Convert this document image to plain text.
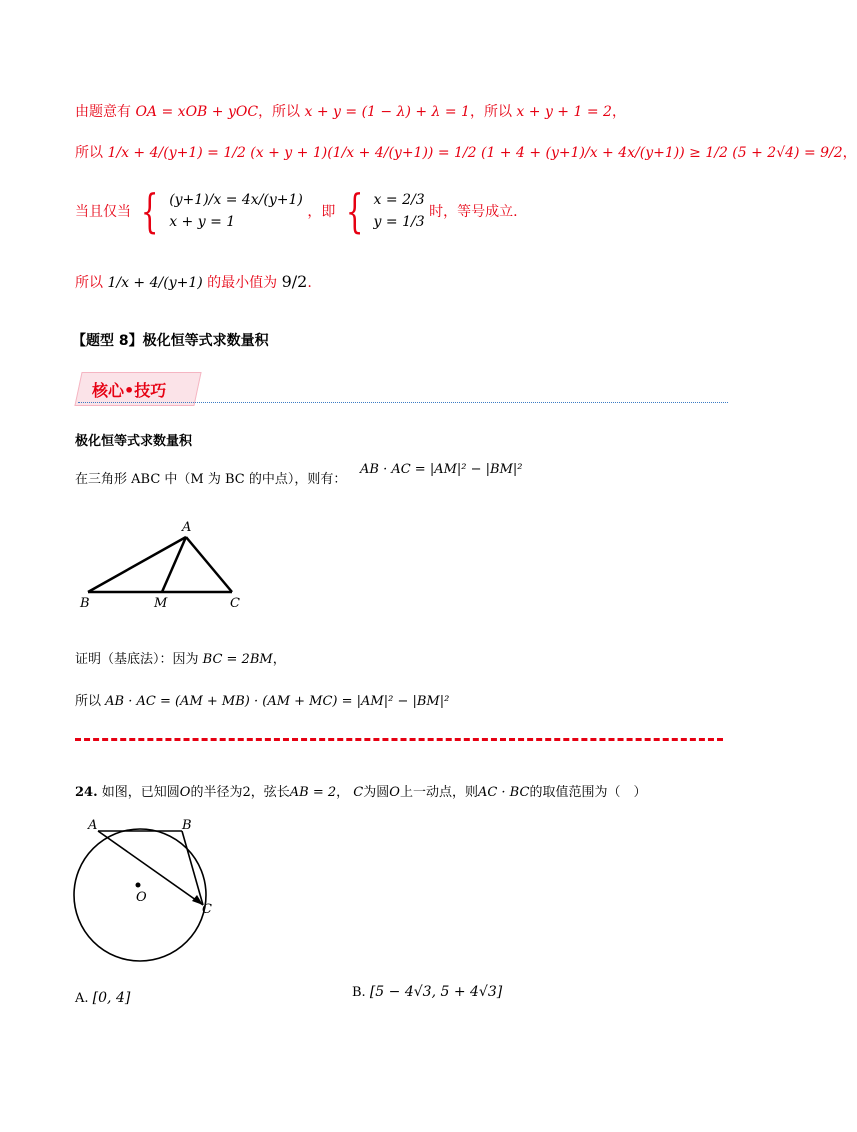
由题意有 OA = xOB + yOC，所以 x + y = (1 − λ) + λ = 1，所以 x + y + 1 = 2，
所以 1/x + 4/(y+1) = 1/2 (x + y + 1)(1/x + 4/(y+1)) = 1/2 (1 + 4 + (y+1)/x + 4x/(y+1)) ≥ 1/2 (5 + 2√4) = 9/2，
当且仅当 { (y+1)/x = 4x/(y+1)
x + y = 1
，即 { x = 2/3
y = 1/3
时，等号成立.
所以 1/x + 4/(y+1) 的最小值为 9/2.
【题型 8】极化恒等式求数量积
核心•技巧
极化恒等式求数量积
在三角形 ABC 中（M 为 BC 的中点），则有：
AB · AC = |AM|² − |BM|²
A
B	M	C
证明（基底法）：因为 BC = 2BM，
所以 AB · AC = (AM + MB) · (AM + MC) = |AM|² − |BM|²
24. 如图，已知圆O的半径为2，弦长AB = 2， C为圆O上一动点，则AC · BC的取值范围为（　）
A	B
O
C
A. [0, 4]	B. [5 − 4√3, 5 + 4√3]
